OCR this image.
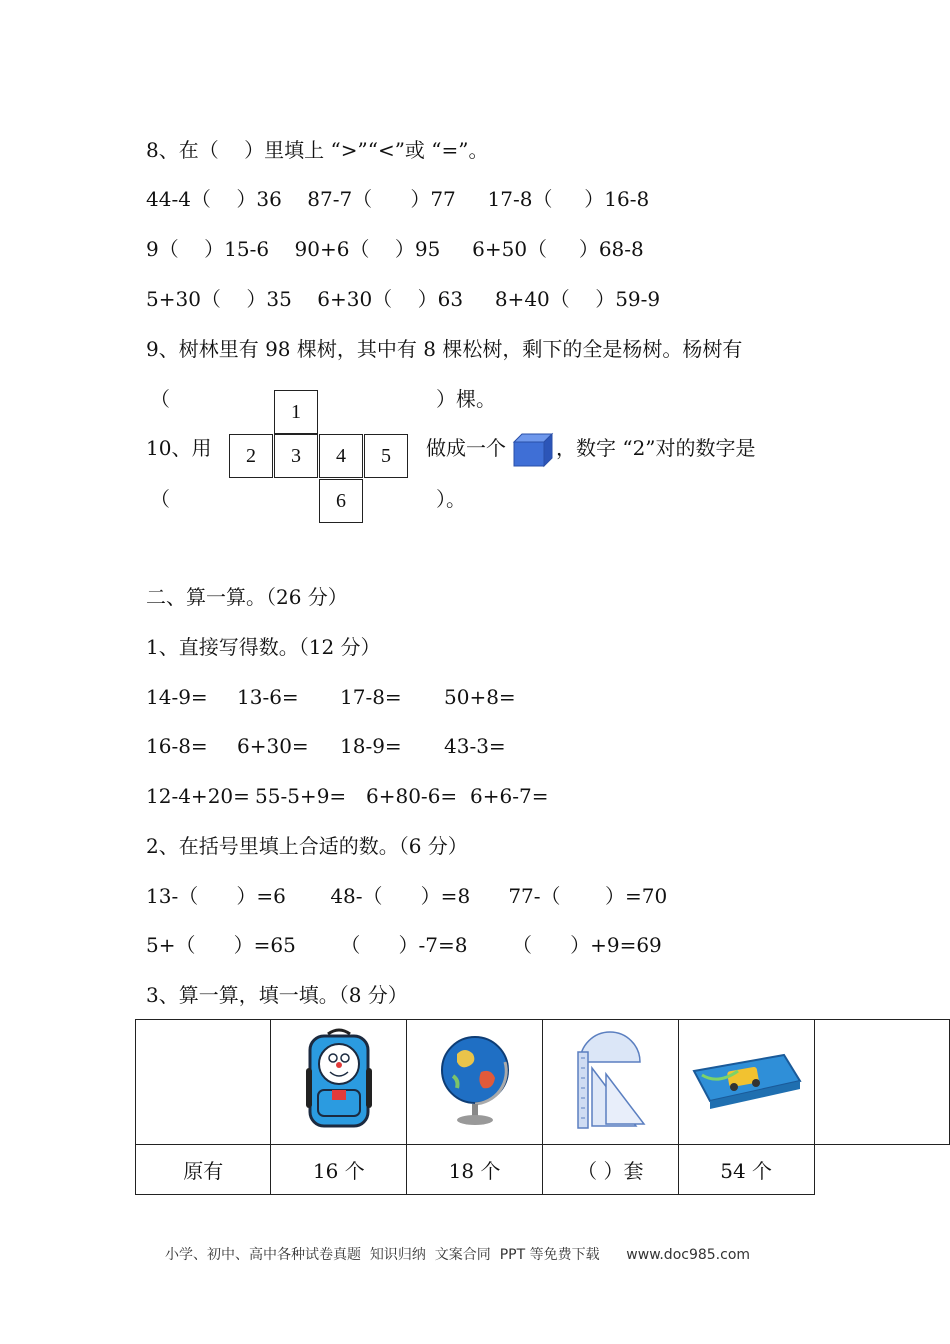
8、在（    ）里填上 “>”“<”或 “=”。
44-4（    ）36    87-7（      ）77     17-8（     ）16-8
9（    ）15-6    90+6（    ）95     6+50（     ）68-8
5+30（    ）35    6+30（    ）63     8+40（    ）59-9
9、树林里有 98 棵树，其中有 8 棵松树，剩下的全是杨树。杨树有
（	）棵。
10、用
1
2	3	4	5
6
做成一个	，数字 “2”对的数字是
（	）。
二、算一算。（26 分）
1、直接写得数。（12 分）
14-9= 13-6= 17-8= 50+8=
16-8= 6+30= 18-9= 43-3=
12-4+20= 55-5+9= 6+80-6= 6+6-7=
2、在括号里填上合适的数。（6 分）
13-（      ）=6       48-（      ）=8      77-（       ）=70
5+（      ）=65       （      ）-7=8       （      ）+9=69
3、算一算，填一填。（8 分）

原有	16 个	18 个	（ ）套	54 个	
小学、初中、高中各种试卷真题  知识归纳  文案合同  PPT 等免费下载      www.doc985.com
